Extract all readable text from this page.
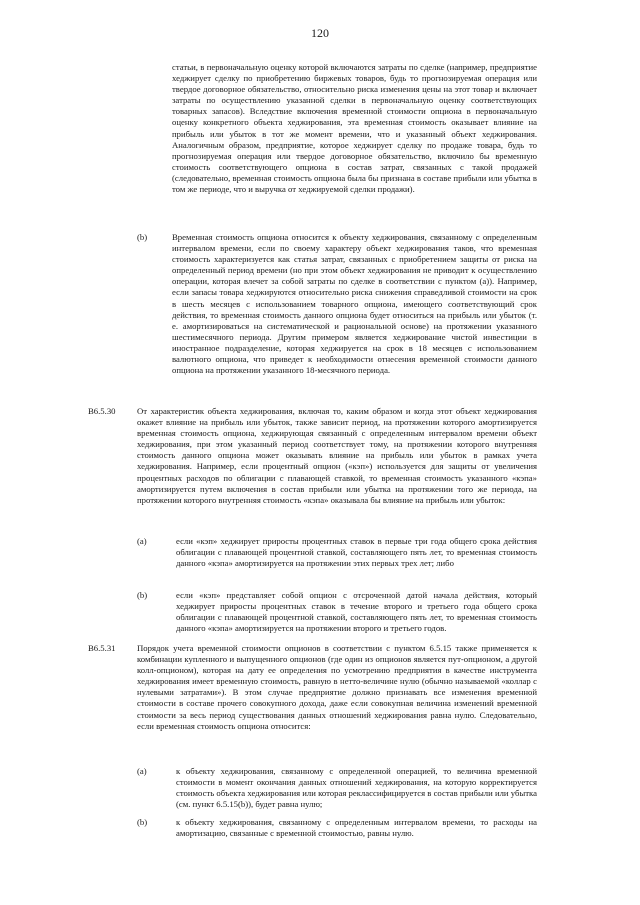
120

статьи, в первоначальную оценку которой включаются затраты по сделке (например, предприятие хеджирует сделку по приобретению биржевых товаров, будь то прогнозируемая операция или твердое договорное обязательство, относительно риска изменения цены на этот товар и включает затраты по осуществлению указанной сделки в первоначальную оценку соответствующих товарных запасов). Вследствие включения временной стоимости опциона в первоначальную оценку конкретного объекта хеджирования, эта временная стоимость оказывает влияние на прибыль или убыток в тот же момент времени, что и указанный объект хеджирования. Аналогичным образом, предприятие, которое хеджирует сделку по продаже товара, будь то прогнозируемая операция или твердое договорное обязательство, включило бы временную стоимость соответствующего опциона в состав затрат, связанных с такой продажей (следовательно, временная стоимость опциона была бы признана в составе прибыли или убытка в том же периоде, что и выручка от хеджируемой сделки продажи).

(b)	Временная стоимость опциона относится к объекту хеджирования, связанному с определенным интервалом времени, если по своему характеру объект хеджирования таков, что временная стоимость характеризуется как статья затрат, связанных с приобретением защиты от риска на определенный период времени (но при этом объект хеджирования не приводит к осуществлению операции, которая влечет за собой затраты по сделке в соответствии с пунктом (a)). Например, если запасы товара хеджируются относительно риска снижения справедливой стоимости на срок в шесть месяцев с использованием товарного опциона, имеющего соответствующий срок действия, то временная стоимость данного опциона будет относиться на прибыль или убыток (т. е. амортизироваться на систематической и рациональной основе) на протяжении указанного шестимесячного периода. Другим примером является хеджирование чистой инвестиции в иностранное подразделение, которая хеджируется на срок в 18 месяцев с использованием валютного опциона, что приведет к необходимости отнесения временной стоимости данного опциона на протяжении указанного 18-месячного периода.

B6.5.30 От характеристик объекта хеджирования, включая то, каким образом и когда этот объект хеджирования окажет влияние на прибыль или убыток, также зависит период, на протяжении которого амортизируется временная стоимость опциона, хеджирующая связанный с определенным интервалом времени объект хеджирования, при этом указанный период соответствует тому, на протяжении которого внутренняя стоимость данного опциона может оказывать влияние на прибыль или убыток в рамках учета хеджирования. Например, если процентный опцион («кэп») используется для защиты от увеличения процентных расходов по облигации с плавающей ставкой, то временная стоимость указанного «кэпа» амортизируется путем включения в состав прибыли или убытка на протяжении того же периода, на протяжении которого внутренняя стоимость «кэпа» оказывала бы влияние на прибыль или убыток:

(a)	если «кэп» хеджирует приросты процентных ставок в первые три года общего срока действия облигации с плавающей процентной ставкой, составляющего пять лет, то временная стоимость данного «кэпа» амортизируется на протяжении этих первых трех лет; либо

(b)	если «кэп» представляет собой опцион с отсроченной датой начала действия, который хеджирует приросты процентных ставок в течение второго и третьего года общего срока облигации с плавающей процентной ставкой, составляющего пять лет, то временная стоимость данного «кэпа» амортизируется на протяжении второго и третьего годов.

B6.5.31 Порядок учета временной стоимости опционов в соответствии с пунктом 6.5.15 также применяется к комбинации купленного и выпущенного опционов (где один из опционов является пут-опционом, а другой колл-опционом), которая на дату ее определения по усмотрению предприятия в качестве инструмента хеджирования имеет временную стоимость, равную в нетто-величине нулю (обычно называемой «коллар с нулевыми затратами»). В этом случае предприятие должно признавать все изменения временной стоимости в составе прочего совокупного дохода, даже если совокупная величина изменений временной стоимости за весь период существования данных отношений хеджирования равна нулю. Следовательно, если временная стоимость опциона относится:

(a)	к объекту хеджирования, связанному с определенной операцией, то величина временной стоимости в момент окончания данных отношений хеджирования, на которую корректируется стоимость объекта хеджирования или которая реклассифицируется в состав прибыли или убытка (см. пункт 6.5.15(b)), будет равна нулю;

(b)	к объекту хеджирования, связанному с определенным интервалом времени, то расходы на амортизацию, связанные с временной стоимостью, равны нулю.
